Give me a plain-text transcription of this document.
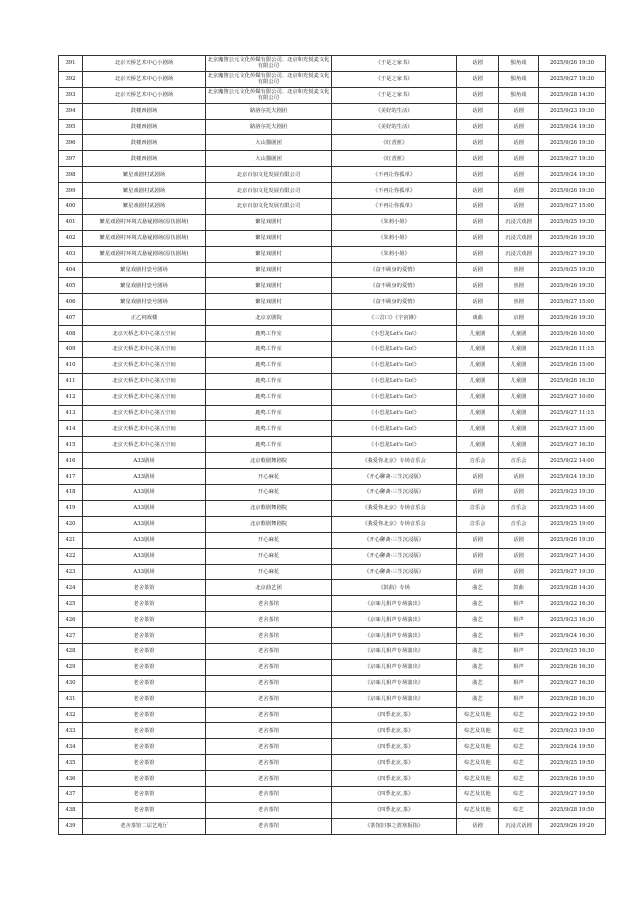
391	北京天桥艺术中心小剧场	北京魔笛公元文化传媒有限公司、北京和光悦麦文化有限公司	《于是之家书》	话剧	独角戏	2025/9/26 19:30
392	北京天桥艺术中心小剧场	北京魔笛公元文化传媒有限公司、北京和光悦麦文化有限公司	《于是之家书》	话剧	独角戏	2025/9/27 19:30
393	北京天桥艺术中心小剧场	北京魔笛公元文化传媒有限公司、北京和光悦麦文化有限公司	《于是之家书》	话剧	独角戏	2025/9/28 14:30
394	鼓楼西剧场	路洛尔托夫剧团	《美好的生活》	话剧	话剧	2025/9/23 19:30
395	鼓楼西剧场	路洛尔托夫剧团	《美好的生活》	话剧	话剧	2025/9/24 19:30
396	鼓楼西剧场	大山猫剧团	《红香蕉》	话剧	话剧	2025/9/26 19:30
397	鼓楼西剧场	大山猫剧团	《红香蕉》	话剧	话剧	2025/9/27 19:30
398	繁星戏剧村贰剧场	北京百加文化发展有限公司	《不再让你孤单》	话剧	话剧	2025/9/24 19:30
399	繁星戏剧村贰剧场	北京百加文化发展有限公司	《不再让你孤单》	话剧	话剧	2025/9/26 19:30
400	繁星戏剧村贰剧场	北京百加文化发展有限公司	《不再让你孤单》	话剧	话剧	2025/9/27 15:00
401	繁星戏剧村环境式悬疑剧场(原伍剧场)	繁星戏剧村	《朱莉小姐》	话剧	沉浸式戏剧	2025/9/25 19:30
402	繁星戏剧村环境式悬疑剧场(原伍剧场)	繁星戏剧村	《朱莉小姐》	话剧	沉浸式戏剧	2025/9/26 19:30
403	繁星戏剧村环境式悬疑剧场(原伍剧场)	繁星戏剧村	《朱莉小姐》	话剧	沉浸式戏剧	2025/9/27 19:30
404	繁星戏剧村壹号剧场	繁星戏剧村	《奋不顾身的爱情》	话剧	喜剧	2025/9/25 19:30
405	繁星戏剧村壹号剧场	繁星戏剧村	《奋不顾身的爱情》	话剧	喜剧	2025/9/26 19:30
406	繁星戏剧村壹号剧场	繁星戏剧村	《奋不顾身的爱情》	话剧	喜剧	2025/9/27 15:00
407	正乙祠戏楼	北京京剧院	《三岔口》《宇宙锋》	戏曲	京剧	2025/9/26 19:30
408	北京天桥艺术中心第五空间	鹿鸣工作室	《小恐龙Let's Go!》	儿童剧	儿童剧	2025/9/26 10:00
409	北京天桥艺术中心第五空间	鹿鸣工作室	《小恐龙Let's Go!》	儿童剧	儿童剧	2025/9/26 11:15
410	北京天桥艺术中心第五空间	鹿鸣工作室	《小恐龙Let's Go!》	儿童剧	儿童剧	2025/9/26 15:00
411	北京天桥艺术中心第五空间	鹿鸣工作室	《小恐龙Let's Go!》	儿童剧	儿童剧	2025/9/26 16:30
412	北京天桥艺术中心第五空间	鹿鸣工作室	《小恐龙Let's Go!》	儿童剧	儿童剧	2025/9/27 10:00
413	北京天桥艺术中心第五空间	鹿鸣工作室	《小恐龙Let's Go!》	儿童剧	儿童剧	2025/9/27 11:15
414	北京天桥艺术中心第五空间	鹿鸣工作室	《小恐龙Let's Go!》	儿童剧	儿童剧	2025/9/27 15:00
415	北京天桥艺术中心第五空间	鹿鸣工作室	《小恐龙Let's Go!》	儿童剧	儿童剧	2025/9/27 16:30
416	A33剧场	北京歌剧舞剧院	《我爱你北京》专场音乐会	音乐会	音乐会	2025/9/22 14:00
417	A33剧场	开心麻花	《开心聊斋·三生沉浸版》	话剧	话剧	2025/9/24 19:30
418	A33剧场	开心麻花	《开心聊斋·三生沉浸版》	话剧	话剧	2025/9/23 19:30
419	A33剧场	北京歌剧舞剧院	《我爱你北京》专场音乐会	音乐会	音乐会	2025/9/25 14:00
420	A33剧场	北京歌剧舞剧院	《我爱你北京》专场音乐会	音乐会	音乐会	2025/9/25 19:00
421	A33剧场	开心麻花	《开心聊斋·三生沉浸版》	话剧	话剧	2025/9/26 19:30
422	A33剧场	开心麻花	《开心聊斋·三生沉浸版》	话剧	话剧	2025/9/27 14:30
423	A33剧场	开心麻花	《开心聊斋·三生沉浸版》	话剧	话剧	2025/9/27 19:30
424	老舍茶馆	北京曲艺团	《鼓曲》专场	曲艺	鼓曲	2025/9/28 14:30
425	老舍茶馆	老舍茶馆	《京味儿相声专场演出》	曲艺	相声	2025/9/22 16:30
426	老舍茶馆	老舍茶馆	《京味儿相声专场演出》	曲艺	相声	2025/9/23 16:30
427	老舍茶馆	老舍茶馆	《京味儿相声专场演出》	曲艺	相声	2025/9/24 16:30
428	老舍茶馆	老舍茶馆	《京味儿相声专场演出》	曲艺	相声	2025/9/25 16:30
429	老舍茶馆	老舍茶馆	《京味儿相声专场演出》	曲艺	相声	2025/9/26 16:30
430	老舍茶馆	老舍茶馆	《京味儿相声专场演出》	曲艺	相声	2025/9/27 16:30
431	老舍茶馆	老舍茶馆	《京味儿相声专场演出》	曲艺	相声	2025/9/28 16:30
432	老舍茶馆	老舍茶馆	《四季北京,茶》	综艺及其他	综艺	2025/9/22 19:50
433	老舍茶馆	老舍茶馆	《四季北京,茶》	综艺及其他	综艺	2025/9/23 19:50
434	老舍茶馆	老舍茶馆	《四季北京,茶》	综艺及其他	综艺	2025/9/24 19:50
435	老舍茶馆	老舍茶馆	《四季北京,茶》	综艺及其他	综艺	2025/9/25 19:50
436	老舍茶馆	老舍茶馆	《四季北京,茶》	综艺及其他	综艺	2025/9/26 19:50
437	老舍茶馆	老舍茶馆	《四季北京,茶》	综艺及其他	综艺	2025/9/27 19:50
438	老舍茶馆	老舍茶馆	《四季北京,茶》	综艺及其他	综艺	2025/9/28 19:50
439	老舍茶馆二层艺苑厅	老舍茶馆	《茶馆旧事之震寒扳指》	话剧	沉浸式话剧	2025/9/26 19:20
